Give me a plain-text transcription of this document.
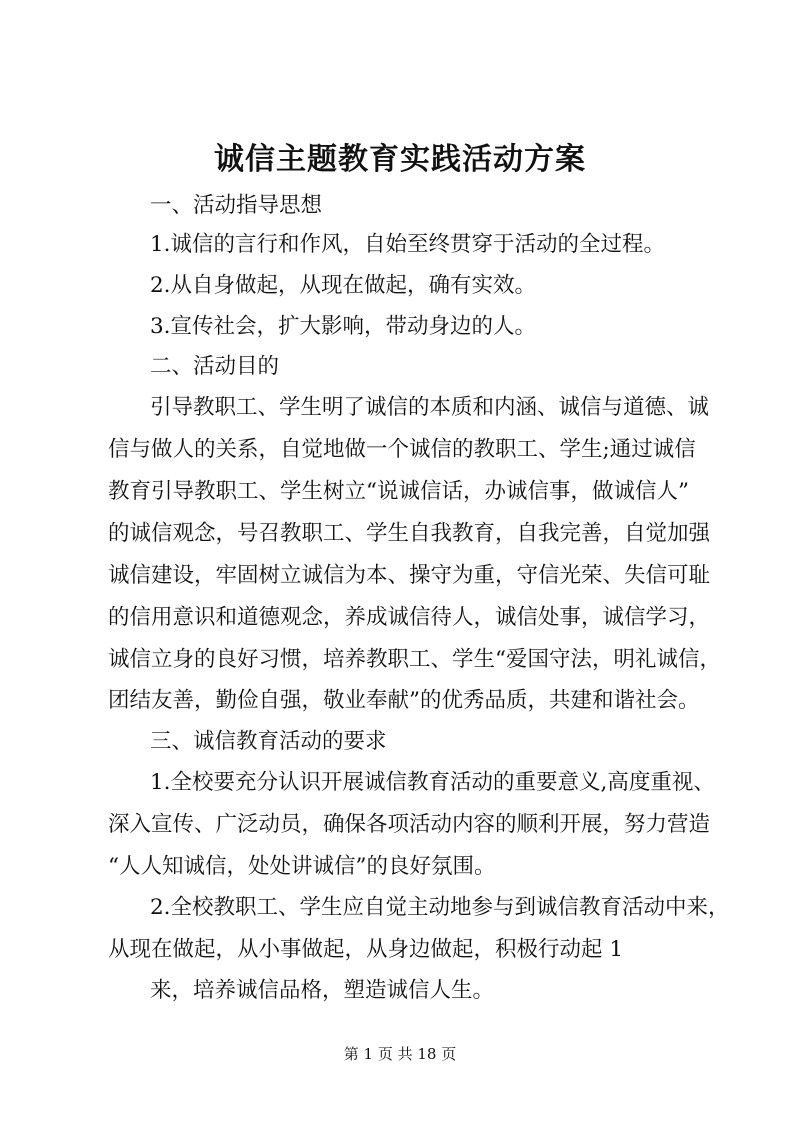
诚信主题教育实践活动方案
一、活动指导思想
1.诚信的言行和作风，自始至终贯穿于活动的全过程。
2.从自身做起，从现在做起，确有实效。
3.宣传社会，扩大影响，带动身边的人。
二、活动目的
引导教职工、学生明了诚信的本质和内涵、诚信与道德、诚
信与做人的关系，自觉地做一个诚信的教职工、学生;通过诚信
教育引导教职工、学生树立“说诚信话，办诚信事，做诚信人”
的诚信观念，号召教职工、学生自我教育，自我完善，自觉加强
诚信建设，牢固树立诚信为本、操守为重，守信光荣、失信可耻
的信用意识和道德观念，养成诚信待人，诚信处事，诚信学习，
诚信立身的良好习惯，培养教职工、学生“爱国守法，明礼诚信，
团结友善，勤俭自强，敬业奉献”的优秀品质，共建和谐社会。
三、诚信教育活动的要求
1.全校要充分认识开展诚信教育活动的重要意义,高度重视、
深入宣传、广泛动员，确保各项活动内容的顺利开展，努力营造
“人人知诚信，处处讲诚信”的良好氛围。
2.全校教职工、学生应自觉主动地参与到诚信教育活动中来，
从现在做起，从小事做起，从身边做起，积极行动起 1
来，培养诚信品格，塑造诚信人生。
第 1 页 共 18 页
